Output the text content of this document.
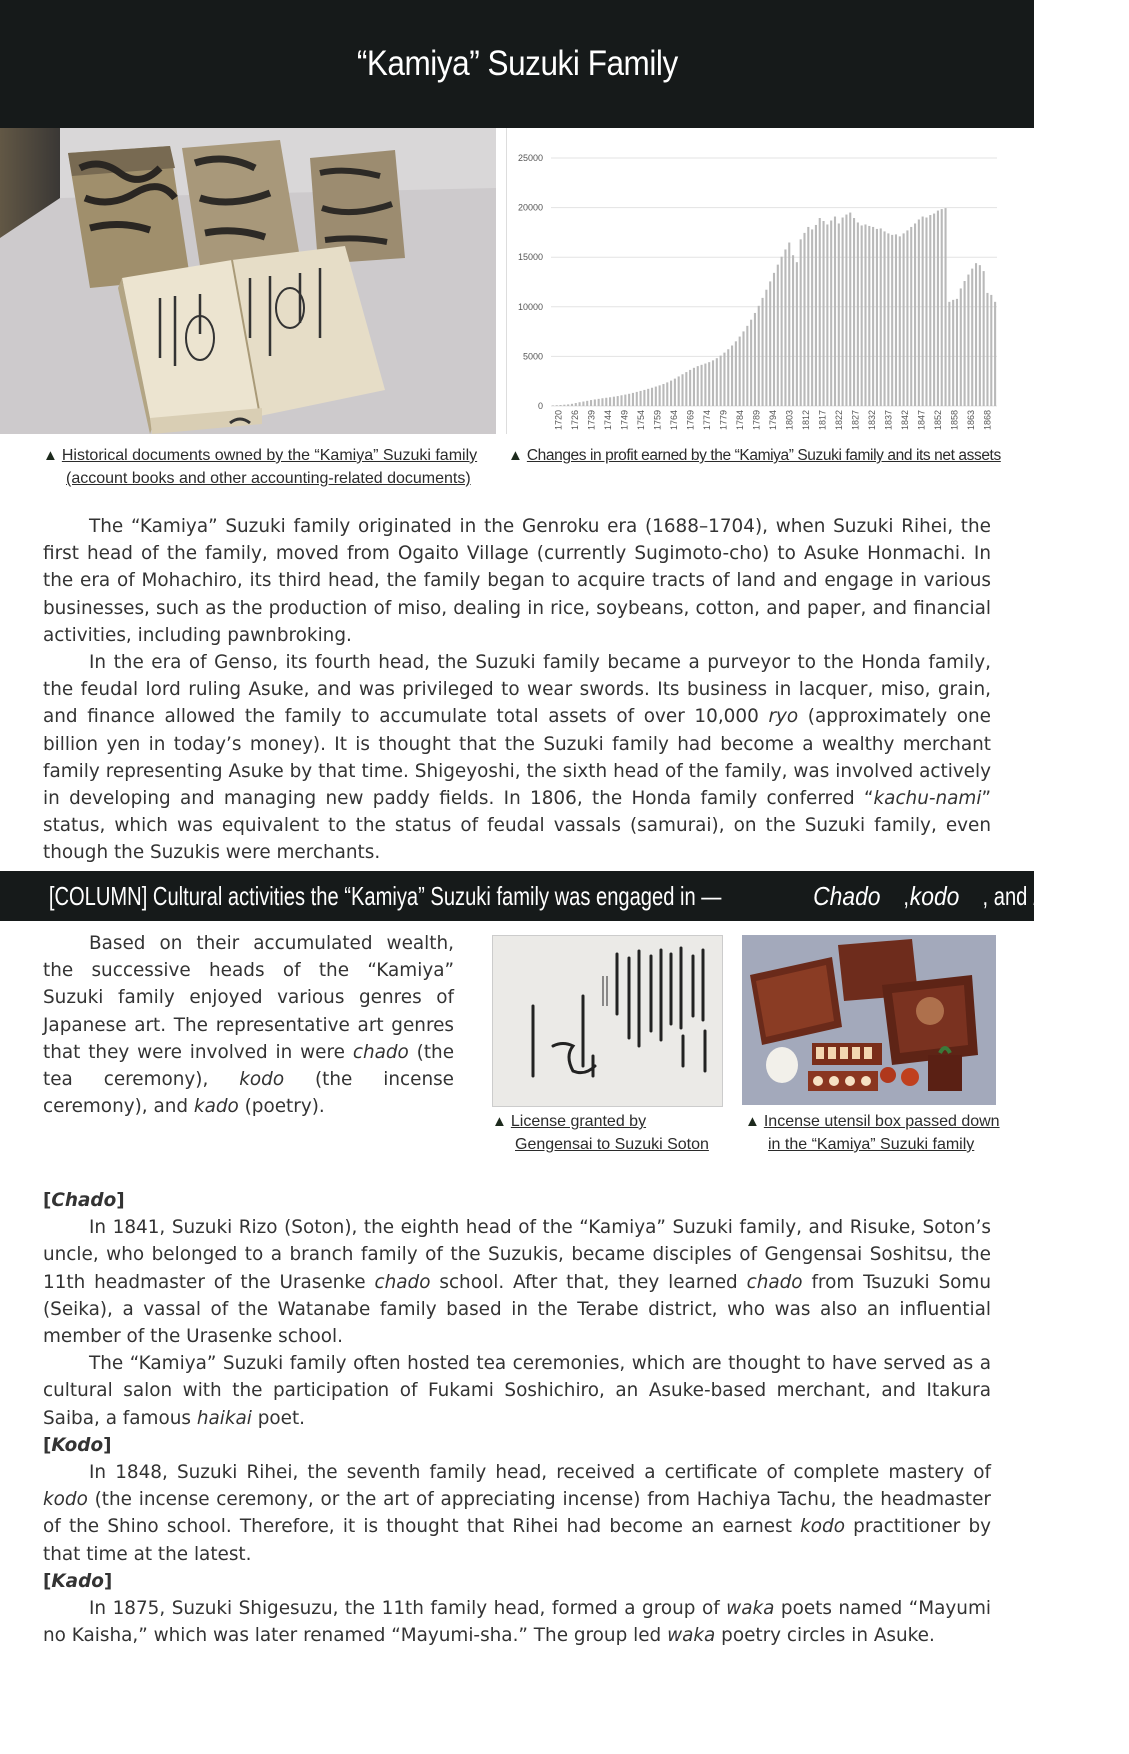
“Kamiya” Suzuki Family
0
5000
10000
15000
20000
25000
1720 1726 1739 1744 1749 1754 1759 1764 1769 1774 1779 1784 1789 1794 1803 1812 1817 1822 1827 1832 1837 1842 1847 1852 1858 1863 1868
▲ Historical documents owned by the “Kamiya” Suzuki family
(account books and other accounting-related documents)
▲ Changes in profit earned by the “Kamiya” Suzuki family and its net assets

The “Kamiya” Suzuki family originated in the Genroku era (1688–1704), when Suzuki Rihei, the first head of the family, moved from Ogaito Village (currently Sugimoto-cho) to Asuke Honmachi. In the era of Mohachiro, its third head, the family began to acquire tracts of land and engage in various businesses, such as the production of miso, dealing in rice, soybeans, cotton, and paper, and financial activities, including pawnbroking.

In the era of Genso, its fourth head, the Suzuki family became a purveyor to the Honda family, the feudal lord ruling Asuke, and was privileged to wear swords. Its business in lacquer, miso, grain, and finance allowed the family to accumulate total assets of over 10,000 ryo (approximately one billion yen in today’s money). It is thought that the Suzuki family had become a wealthy merchant family representing Asuke by that time. Shigeyoshi, the sixth head of the family, was involved actively in developing and managing new paddy fields. In 1806, the Honda family conferred “kachu-nami” status, which was equivalent to the status of feudal vassals (samurai), on the Suzuki family, even though the Suzukis were merchants.

[COLUMN] Cultural activities the “Kamiya” Suzuki family was engaged in —	Chado ,kodo , andkado —

Based on their accumulated wealth, the successive heads of the “Kamiya” Suzuki family enjoyed various genres of Japanese art. The representative art genres that they were involved in were chado (the tea ceremony), kodo (the incense ceremony), and kado (poetry).

▲ License granted by
Gengensai to Suzuki Soton
▲ Incense utensil box passed down
in the “Kamiya” Suzuki family

[Chado]

In 1841, Suzuki Rizo (Soton), the eighth head of the “Kamiya” Suzuki family, and Risuke, Soton’s uncle, who belonged to a branch family of the Suzukis, became disciples of Gengensai Soshitsu, the 11th headmaster of the Urasenke chado school. After that, they learned chado from Tsuzuki Somu (Seika), a vassal of the Watanabe family based in the Terabe district, who was also an influential member of the Urasenke school.

The “Kamiya” Suzuki family often hosted tea ceremonies, which are thought to have served as a cultural salon with the participation of Fukami Soshichiro, an Asuke-based merchant, and Itakura Saiba, a famous haikai poet.

[Kodo]

In 1848, Suzuki Rihei, the seventh family head, received a certificate of complete mastery of kodo (the incense ceremony, or the art of appreciating incense) from Hachiya Tachu, the headmaster of the Shino school. Therefore, it is thought that Rihei had become an earnest kodo practitioner by that time at the latest.

[Kado]

In 1875, Suzuki Shigesuzu, the 11th family head, formed a group of waka poets named “Mayumi no Kaisha,” which was later renamed “Mayumi-sha.” The group led waka poetry circles in Asuke.
